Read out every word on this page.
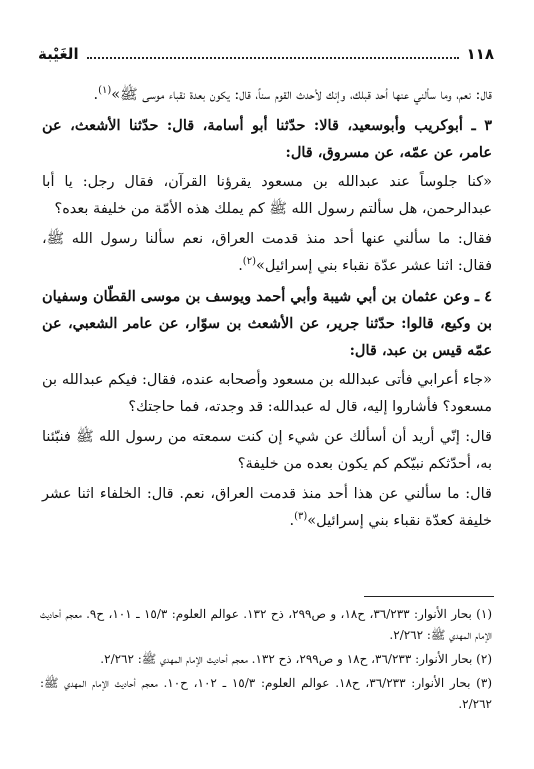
١١٨
الغَيْبة

قال: نعم، وما سألني عنها أحد قبلك، وإنك لأحدث القوم سناً، قال: يكون بعدة نقباء موسى ﷺ»$^{(١)}$.

٣ ـ أبوكريب وأبوسعيد، قالا: حدّثنا أبو أسامة، قال: حدّثنا الأشعث، عن عامر، عن عمّه، عن مسروق، قال:

«كنا جلوساً عند عبدالله بن مسعود يقرؤنا القرآن، فقال رجل: يا أبا عبدالرحمن، هل سألتم رسول الله ﷺ كم يملك هذه الأمّة من خليفة بعده؟

فقال: ما سألني عنها أحد منذ قدمت العراق، نعم سألنا رسول الله ﷺ، فقال: اثنا عشر عدّة نقباء بني إسرائيل»$^{(٢)}$.

٤ ـ وعن عثمان بن أبي شيبة وأبي أحمد ويوسف بن موسى القطّان وسفيان بن وكيع، قالوا: حدّثنا جرير، عن الأشعث بن سوّار، عن عامر الشعبي، عن عمّه قيس بن عبد، قال:

«جاء أعرابي فأتى عبدالله بن مسعود وأصحابه عنده، فقال: فيكم عبدالله بن مسعود؟ فأشاروا إليه، قال له عبدالله: قد وجدته، فما حاجتك؟

قال: إنّي أريد أن أسألك عن شيء إن كنت سمعته من رسول الله ﷺ فنبّئنا به، أحدّثكم نبيّكم كم يكون بعده من خليفة؟

قال: ما سألني عن هذا أحد منذ قدمت العراق، نعم. قال: الخلفاء اثنا عشر خليفة كعدّة نقباء بني إسرائيل»$^{(٣)}$.

(١) بحار الأنوار: ٣٦/٢٣٣، ح١٨، و ص٢٩٩، ذح ١٣٢. عوالم العلوم: ١٥/٣ ـ ١٠١، ح٩. معجم أحاديث الإمام المهدي ﷺ: ٢/٢٦٢.

(٢) بحار الأنوار: ٣٦/٢٣٣، ح١٨ و ص٢٩٩، ذح ١٣٢. معجم أحاديث الإمام المهدي ﷺ: ٢/٢٦٢.

(٣) بحار الأنوار: ٣٦/٢٣٣، ح١٨. عوالم العلوم: ١٥/٣ ـ ١٠٢، ح١٠. معجم أحاديث الإمام المهدي ﷺ: ٢/٢٦٢.
